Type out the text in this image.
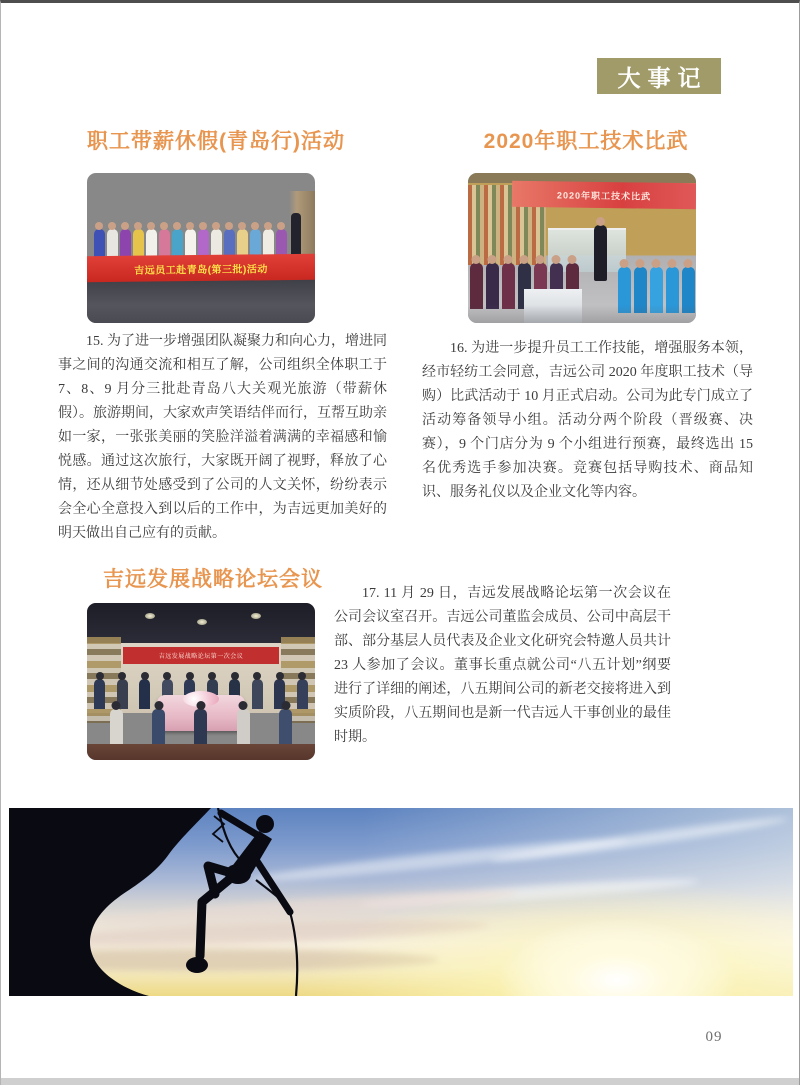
大事记
职工带薪休假(青岛行)活动
吉远员工赴青岛(第三批)活动
15. 为了进一步增强团队凝聚力和向心力，增进同事之间的沟通交流和相互了解，公司组织全体职工于 7、8、9 月分三批赴青岛八大关观光旅游（带薪休假）。旅游期间，大家欢声笑语结伴而行，互帮互助亲如一家，一张张美丽的笑脸洋溢着满满的幸福感和愉悦感。通过这次旅行，大家既开阔了视野，释放了心情，还从细节处感受到了公司的人文关怀，纷纷表示会全心全意投入到以后的工作中，为吉远更加美好的明天做出自己应有的贡献。
2020年职工技术比武
2020年职工技术比武
16. 为进一步提升员工工作技能，增强服务本领，经市轻纺工会同意，吉远公司 2020 年度职工技术（导购）比武活动于 10 月正式启动。公司为此专门成立了活动筹备领导小组。活动分两个阶段（晋级赛、决赛），9 个门店分为 9 个小组进行预赛，最终选出 15 名优秀选手参加决赛。竞赛包括导购技术、商品知识、服务礼仪以及企业文化等内容。
吉远发展战略论坛会议
吉远发展战略论坛第一次会议
17. 11 月 29 日，吉远发展战略论坛第一次会议在公司会议室召开。吉远公司董监会成员、公司中高层干部、部分基层人员代表及企业文化研究会特邀人员共计 23 人参加了会议。董事长重点就公司“八五计划”纲要进行了详细的阐述，八五期间公司的新老交接将进入到实质阶段，八五期间也是新一代吉远人干事创业的最佳时期。
09
